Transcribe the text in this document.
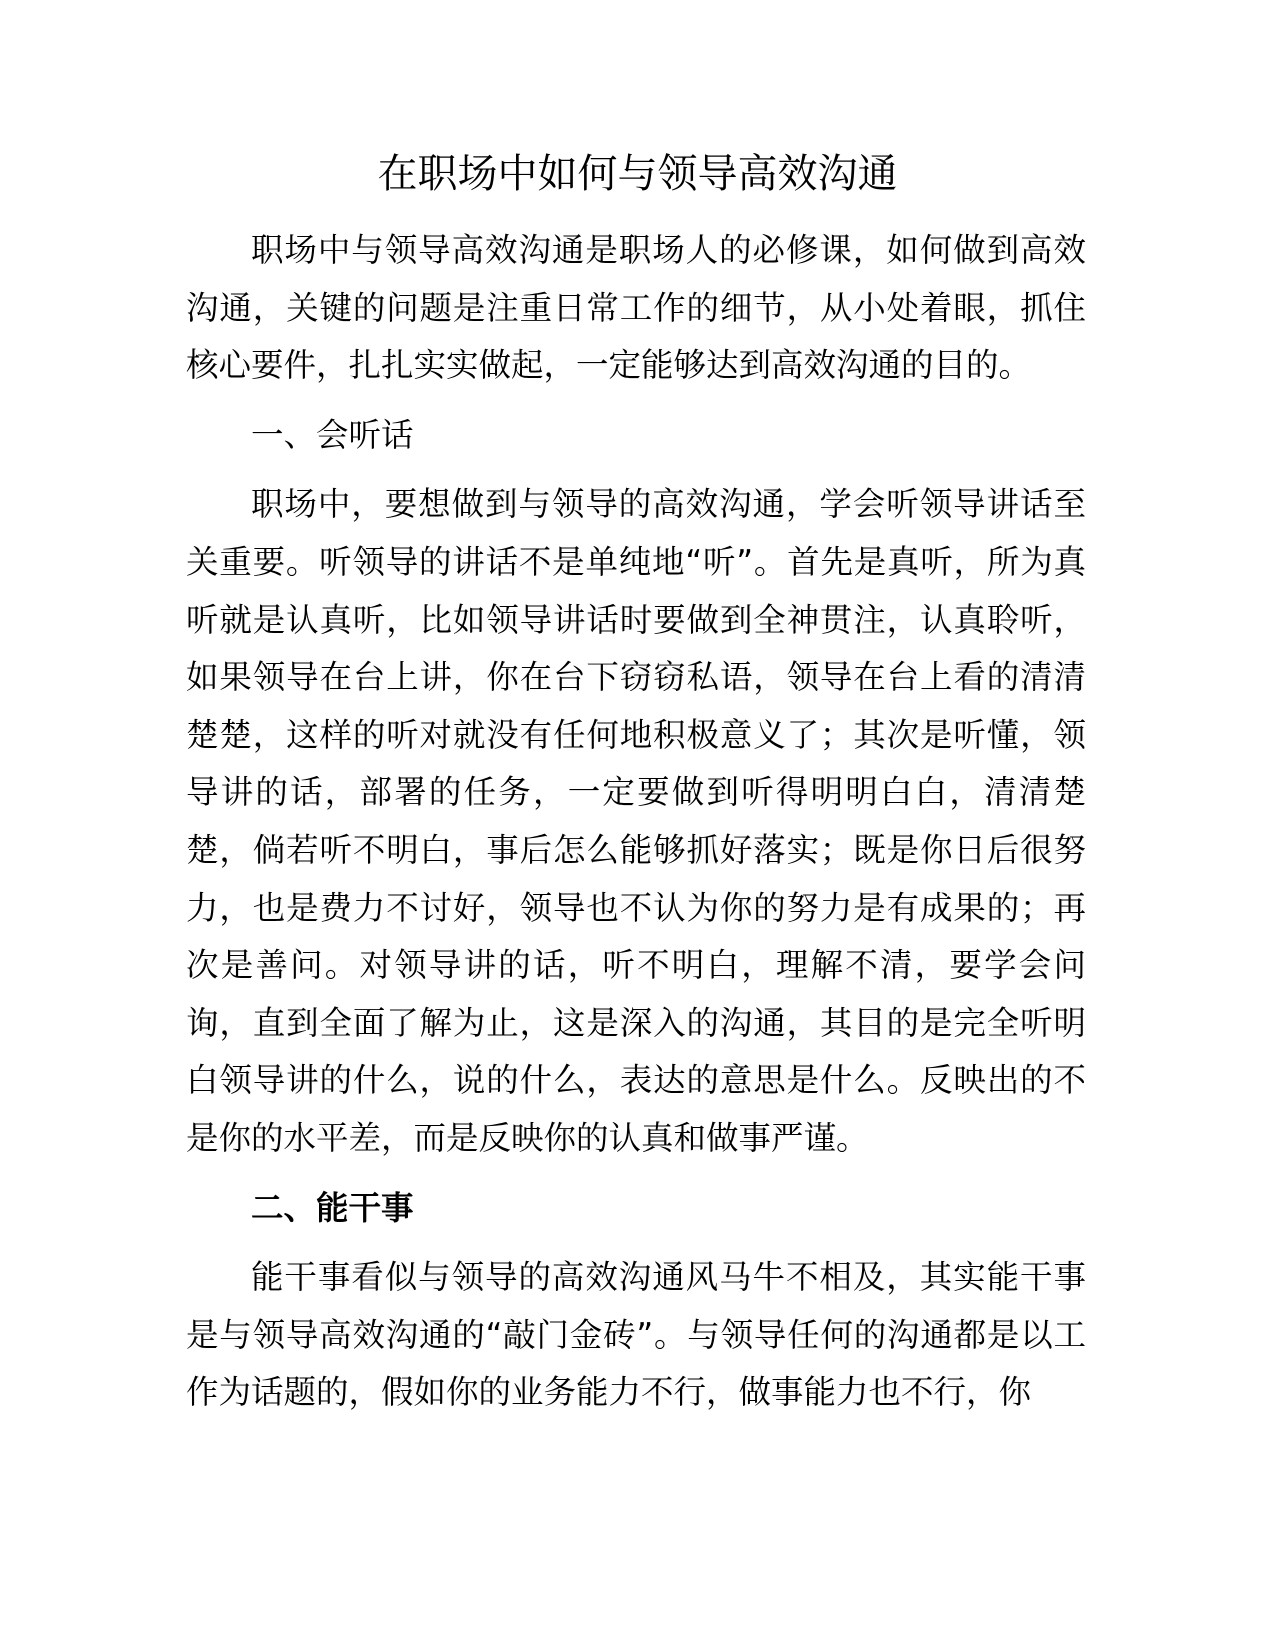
在职场中如何与领导高效沟通

职场中与领导高效沟通是职场人的必修课，如何做到高效沟通，关键的问题是注重日常工作的细节，从小处着眼，抓住核心要件，扎扎实实做起，一定能够达到高效沟通的目的。

一、会听话

职场中，要想做到与领导的高效沟通，学会听领导讲话至关重要。听领导的讲话不是单纯地“听”。首先是真听，所为真听就是认真听，比如领导讲话时要做到全神贯注，认真聆听，如果领导在台上讲，你在台下窃窃私语，领导在台上看的清清楚楚，这样的听对就没有任何地积极意义了；其次是听懂，领导讲的话，部署的任务，一定要做到听得明明白白，清清楚楚，倘若听不明白，事后怎么能够抓好落实；既是你日后很努力，也是费力不讨好，领导也不认为你的努力是有成果的；再次是善问。对领导讲的话，听不明白，理解不清，要学会问询，直到全面了解为止，这是深入的沟通，其目的是完全听明白领导讲的什么，说的什么，表达的意思是什么。反映出的不是你的水平差，而是反映你的认真和做事严谨。

二、能干事

能干事看似与领导的高效沟通风马牛不相及，其实能干事是与领导高效沟通的“敲门金砖”。与领导任何的沟通都是以工作为话题的，假如你的业务能力不行，做事能力也不行，你
